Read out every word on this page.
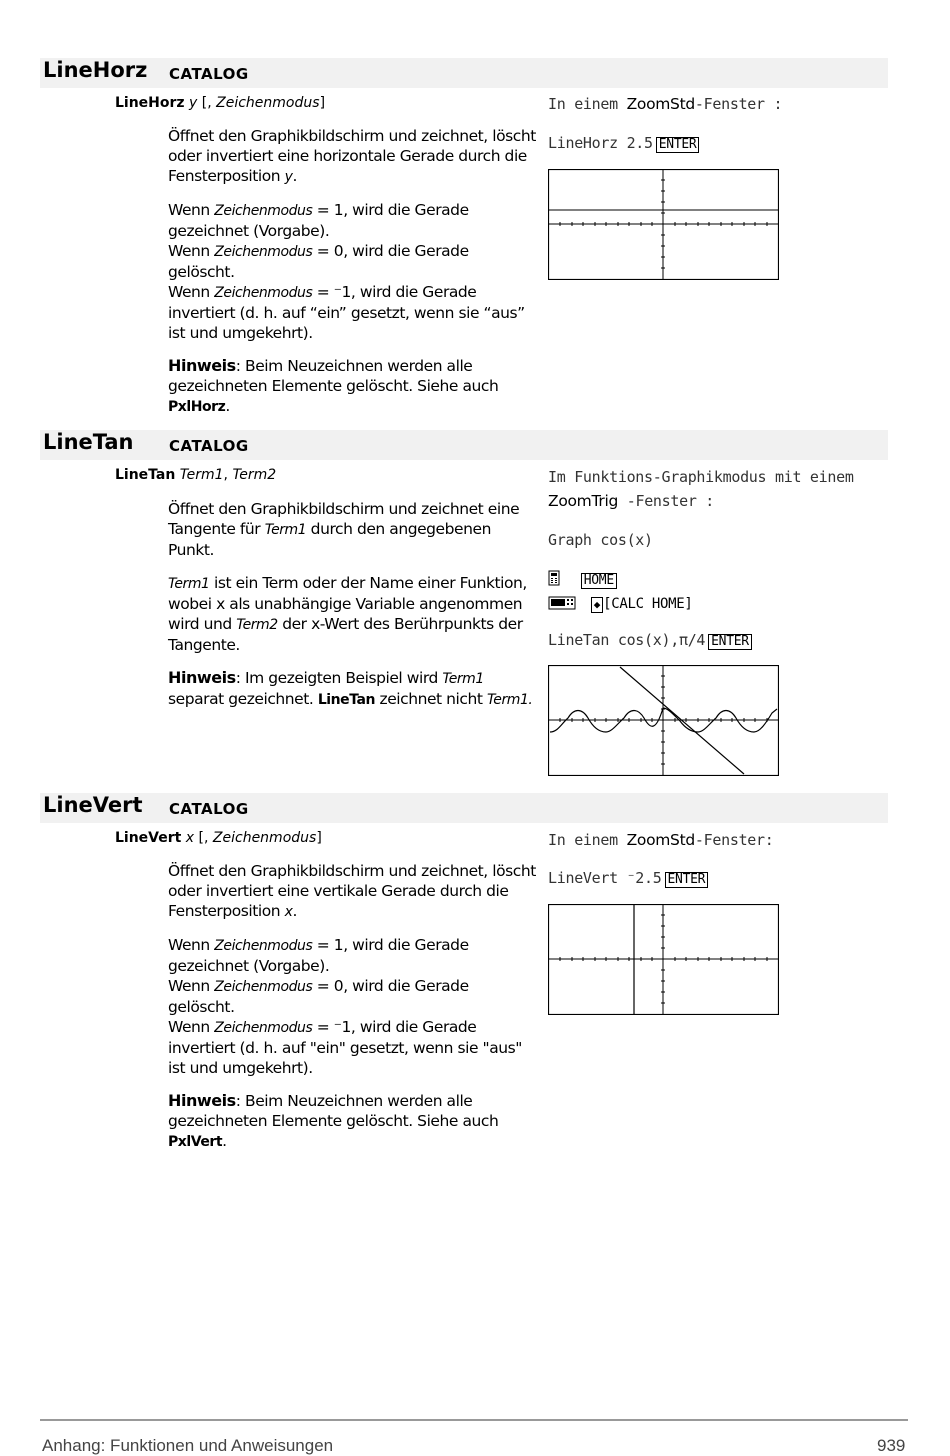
LineHorz CATALOG
LineHorz y [, Zeichenmodus]

Öffnet den Graphikbildschirm und zeichnet, löscht oder invertiert eine horizontale Gerade durch die Fensterposition y.

Wenn Zeichenmodus = 1, wird die Gerade gezeichnet (Vorgabe).
Wenn Zeichenmodus = 0, wird die Gerade gelöscht.
Wenn Zeichenmodus = ⁻1, wird die Gerade invertiert (d. h. auf “ein” gesetzt, wenn sie “aus” ist und umgekehrt).

Hinweis: Beim Neuzeichnen werden alle gezeichneten Elemente gelöscht. Siehe auch PxlHorz.

In einem ZoomStd-Fenster :
LineHorz 2.5 ENTER
LineTan CATALOG
LineTan Term1, Term2

Öffnet den Graphikbildschirm und zeichnet eine Tangente für Term1 durch den angegebenen Punkt.

Term1 ist ein Term oder der Name einer Funktion, wobei x als unabhängige Variable angenommen wird und Term2 der x-Wert des Berührpunkts der Tangente.

Hinweis: Im gezeigten Beispiel wird Term1 separat gezeichnet. LineTan zeichnet nicht Term1.

Im Funktions-Graphikmodus mit einem
ZoomTrig -Fenster :
Graph cos(x)
HOME
◆ [CALC HOME]
LineTan cos(x),π/4 ENTER
LineVert CATALOG
LineVert x [, Zeichenmodus]

Öffnet den Graphikbildschirm und zeichnet, löscht oder invertiert eine vertikale Gerade durch die Fensterposition x.

Wenn Zeichenmodus = 1, wird die Gerade gezeichnet (Vorgabe).
Wenn Zeichenmodus = 0, wird die Gerade gelöscht.
Wenn Zeichenmodus = ⁻1, wird die Gerade invertiert (d. h. auf "ein" gesetzt, wenn sie "aus" ist und umgekehrt).

Hinweis: Beim Neuzeichnen werden alle gezeichneten Elemente gelöscht. Siehe auch PxlVert.

In einem ZoomStd-Fenster:
LineVert ⁻2.5 ENTER
Anhang: Funktionen und Anweisungen	939
